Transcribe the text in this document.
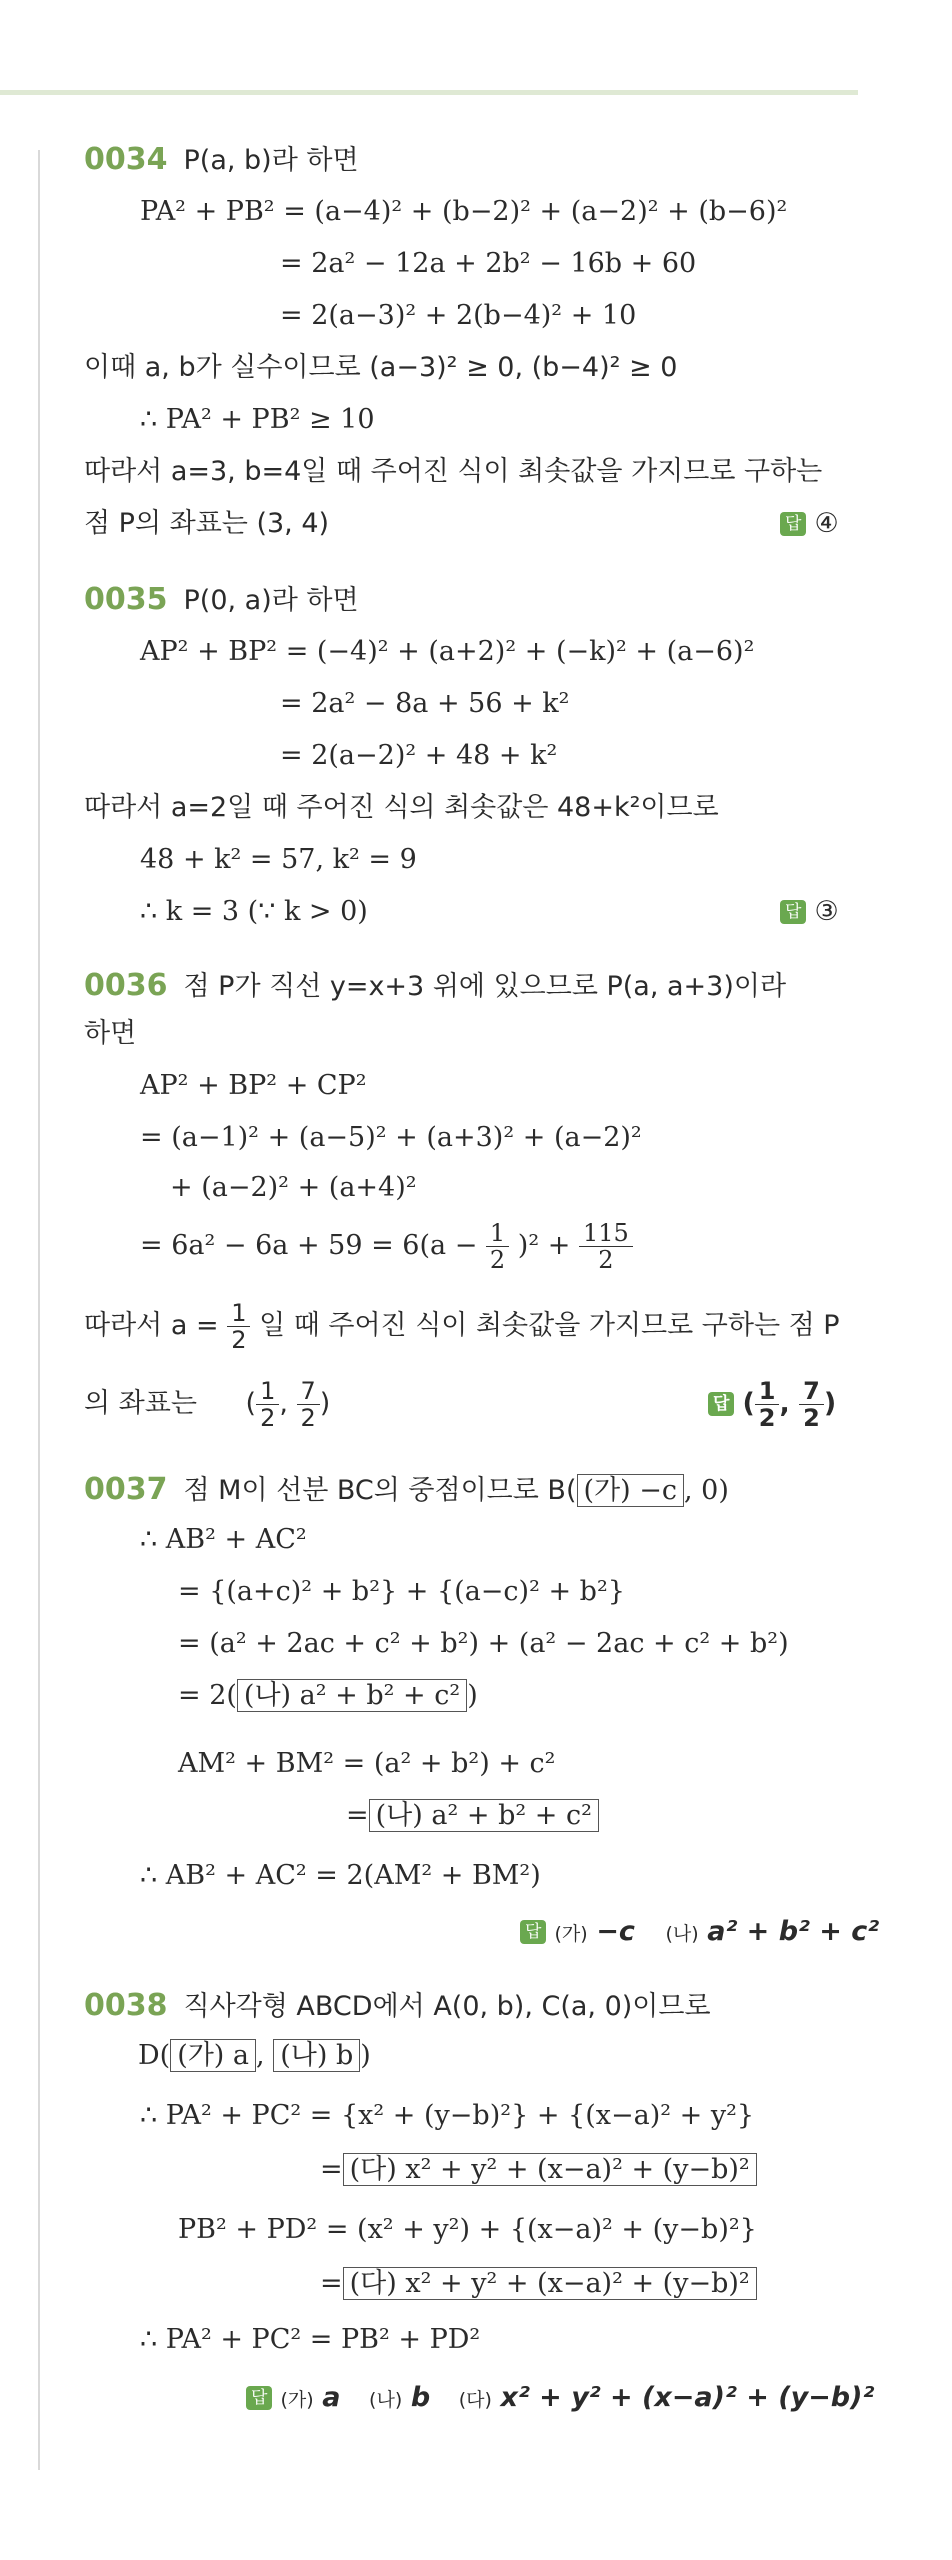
0034 P(a, b)라 하면
PA² + PB² = (a−4)² + (b−2)² + (a−2)² + (b−6)²
= 2a² − 12a + 2b² − 16b + 60
= 2(a−3)² + 2(b−4)² + 10
이때 a, b가 실수이므로 (a−3)² ≥ 0, (b−4)² ≥ 0
∴ PA² + PB² ≥ 10
따라서 a=3, b=4일 때 주어진 식이 최솟값을 가지므로 구하는
점 P의 좌표는 (3, 4)	답 ④
0035 P(0, a)라 하면
AP² + BP² = (−4)² + (a+2)² + (−k)² + (a−6)²
= 2a² − 8a + 56 + k²
= 2(a−2)² + 48 + k²
따라서 a=2일 때 주어진 식의 최솟값은 48+k²이므로
48 + k² = 57, k² = 9
∴ k = 3 (∵ k > 0)	답 ③
0036 점 P가 직선 y=x+3 위에 있으므로 P(a, a+3)이라
하면
AP² + BP² + CP²
= (a−1)² + (a−5)² + (a+3)² + (a−2)²
+ (a−2)² + (a+4)²
= $6a^2 - 6a + 59 = 6(a - \frac{1}{2} )^2 + \frac{115}{2}$
따라서 $a = \frac{1}{2}$ 일 때 주어진 식이 최솟값을 가지므로 구하는 점 P
의 좌표는 ( $\frac{1}{2}$ , $\frac{7}{2}$ )	답 ( $\frac{1}{2}$ , $\frac{7}{2}$ )
0037 점 M이 선분 BC의 중점이므로 B( (가) −c , 0)
∴ AB² + AC²
= {(a+c)² + b²} + {(a−c)² + b²}
= (a² + 2ac + c² + b²) + (a² − 2ac + c² + b²)
= 2( (나) a² + b² + c² )
AM² + BM² = (a² + b²) + c²
= (나) a² + b² + c²
∴ AB² + AC² = 2(AM² + BM²)
답 (가) −c (나) a² + b² + c²
0038 직사각형 ABCD에서 A(0, b), C(a, 0)이므로
D( (가) a , (나) b )
∴ PA² + PC² = {x² + (y−b)²} + {(x−a)² + y²}
= (다) x² + y² + (x−a)² + (y−b)²
PB² + PD² = (x² + y²) + {(x−a)² + (y−b)²}
= (다) x² + y² + (x−a)² + (y−b)²
∴ PA² + PC² = PB² + PD²
답 (가) a (나) b (다) x² + y² + (x−a)² + (y−b)²
